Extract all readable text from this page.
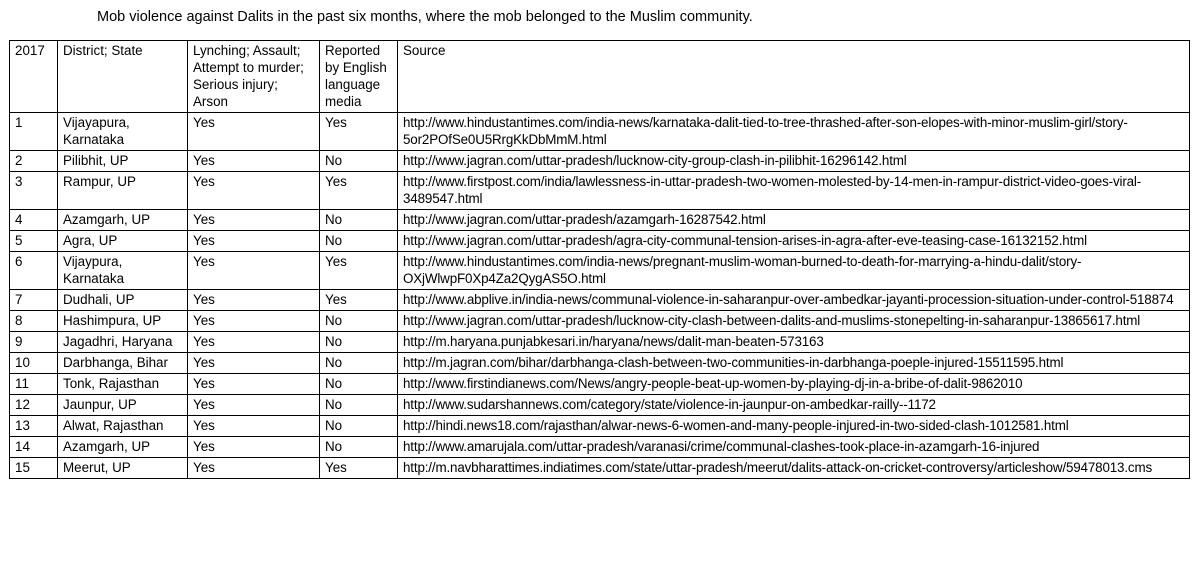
Mob violence against Dalits in the past six months, where the mob belonged to the Muslim community.
2017	District; State	Lynching; Assault; Attempt to murder; Serious injury; Arson	Reported by English language media	Source
1	Vijayapura, Karnataka	Yes	Yes	http://www.hindustantimes.com/india-news/karnataka-dalit-tied-to-tree-thrashed-after-son-elopes-with-minor-muslim-girl/story-5or2POfSe0U5RrgKkDbMmM.html
2	Pilibhit, UP	Yes	No	http://www.jagran.com/uttar-pradesh/lucknow-city-group-clash-in-pilibhit-16296142.html
3	Rampur, UP	Yes	Yes	http://www.firstpost.com/india/lawlessness-in-uttar-pradesh-two-women-molested-by-14-men-in-rampur-district-video-goes-viral-3489547.html
4	Azamgarh, UP	Yes	No	http://www.jagran.com/uttar-pradesh/azamgarh-16287542.html
5	Agra, UP	Yes	No	http://www.jagran.com/uttar-pradesh/agra-city-communal-tension-arises-in-agra-after-eve-teasing-case-16132152.html
6	Vijaypura, Karnataka	Yes	Yes	http://www.hindustantimes.com/india-news/pregnant-muslim-woman-burned-to-death-for-marrying-a-hindu-dalit/story-OXjWlwpF0Xp4Za2QygAS5O.html
7	Dudhali, UP	Yes	Yes	http://www.abplive.in/india-news/communal-violence-in-saharanpur-over-ambedkar-jayanti-procession-situation-under-control-518874
8	Hashimpura, UP	Yes	No	http://www.jagran.com/uttar-pradesh/lucknow-city-clash-between-dalits-and-muslims-stonepelting-in-saharanpur-13865617.html
9	Jagadhri, Haryana	Yes	No	http://m.haryana.punjabkesari.in/haryana/news/dalit-man-beaten-573163
10	Darbhanga, Bihar	Yes	No	http://m.jagran.com/bihar/darbhanga-clash-between-two-communities-in-darbhanga-poeple-injured-15511595.html
11	Tonk, Rajasthan	Yes	No	http://www.firstindianews.com/News/angry-people-beat-up-women-by-playing-dj-in-a-bribe-of-dalit-9862010
12	Jaunpur, UP	Yes	No	http://www.sudarshannews.com/category/state/violence-in-jaunpur-on-ambedkar-railly--1172
13	Alwat, Rajasthan	Yes	No	http://hindi.news18.com/rajasthan/alwar-news-6-women-and-many-people-injured-in-two-sided-clash-1012581.html
14	Azamgarh, UP	Yes	No	http://www.amarujala.com/uttar-pradesh/varanasi/crime/communal-clashes-took-place-in-azamgarh-16-injured
15	Meerut, UP	Yes	Yes	http://m.navbharattimes.indiatimes.com/state/uttar-pradesh/meerut/dalits-attack-on-cricket-controversy/articleshow/59478013.cms
